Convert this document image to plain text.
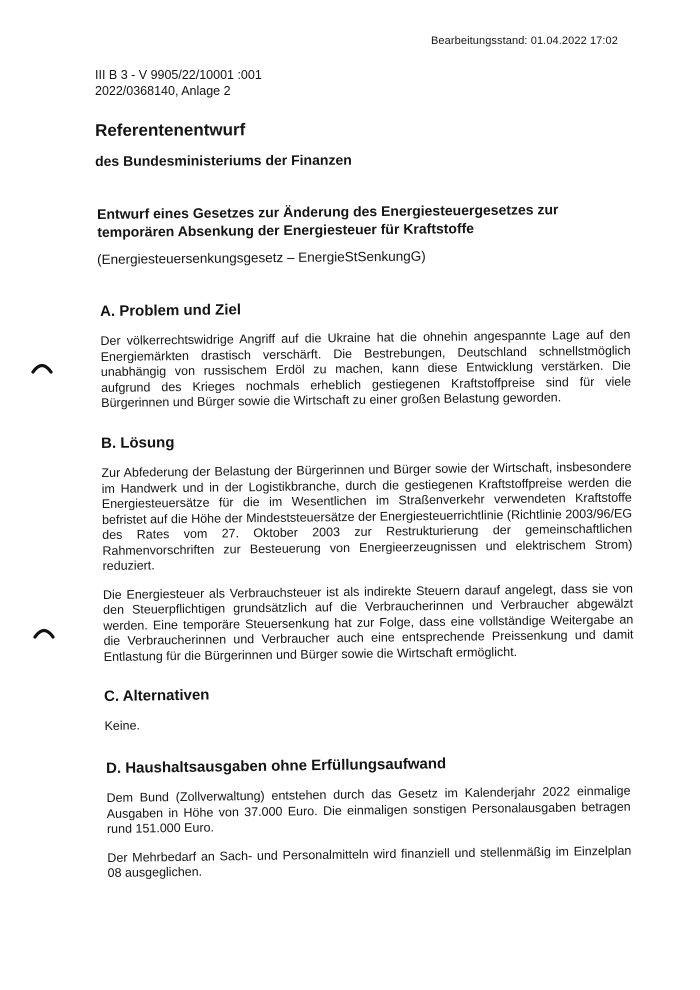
Bearbeitungsstand: 01.04.2022 17:02
III B 3 - V 9905/22/10001 :001
2022/0368140, Anlage 2
Referentenentwurf
des Bundesministeriums der Finanzen
Entwurf eines Gesetzes zur Änderung des Energiesteuergesetzes zur temporären Absenkung der Energiesteuer für Kraftstoffe
(Energiesteuersenkungsgesetz – EnergieStSenkungG)
A. Problem und Ziel

Der völkerrechtswidrige Angriff auf die Ukraine hat die ohnehin angespannte Lage auf den Energiemärkten drastisch verschärft. Die Bestrebungen, Deutschland schnellstmöglich unabhängig von russischem Erdöl zu machen, kann diese Entwicklung verstärken. Die aufgrund des Krieges nochmals erheblich gestiegenen Kraftstoffpreise sind für viele Bürgerinnen und Bürger sowie die Wirtschaft zu einer großen Belastung geworden.

B. Lösung

Zur Abfederung der Belastung der Bürgerinnen und Bürger sowie der Wirtschaft, insbesondere im Handwerk und in der Logistikbranche, durch die gestiegenen Kraftstoffpreise werden die Energiesteuersätze für die im Wesentlichen im Straßenverkehr verwendeten Kraftstoffe befristet auf die Höhe der Mindeststeuersätze der Energiesteuerrichtlinie (Richtlinie 2003/96/EG des Rates vom 27. Oktober 2003 zur Restrukturierung der gemeinschaftlichen Rahmenvorschriften zur Besteuerung von Energieerzeugnissen und elektrischem Strom) reduziert.

Die Energiesteuer als Verbrauchsteuer ist als indirekte Steuern darauf angelegt, dass sie von den Steuerpflichtigen grundsätzlich auf die Verbraucherinnen und Verbraucher abgewälzt werden. Eine temporäre Steuersenkung hat zur Folge, dass eine vollständige Weitergabe an die Verbraucherinnen und Verbraucher auch eine entsprechende Preissenkung und damit Entlastung für die Bürgerinnen und Bürger sowie die Wirtschaft ermöglicht.

C. Alternativen

Keine.

D. Haushaltsausgaben ohne Erfüllungsaufwand

Dem Bund (Zollverwaltung) entstehen durch das Gesetz im Kalenderjahr 2022 einmalige Ausgaben in Höhe von 37.000 Euro. Die einmaligen sonstigen Personalausgaben betragen rund 151.000 Euro.

Der Mehrbedarf an Sach- und Personalmitteln wird finanziell und stellenmäßig im Einzelplan 08 ausgeglichen.
